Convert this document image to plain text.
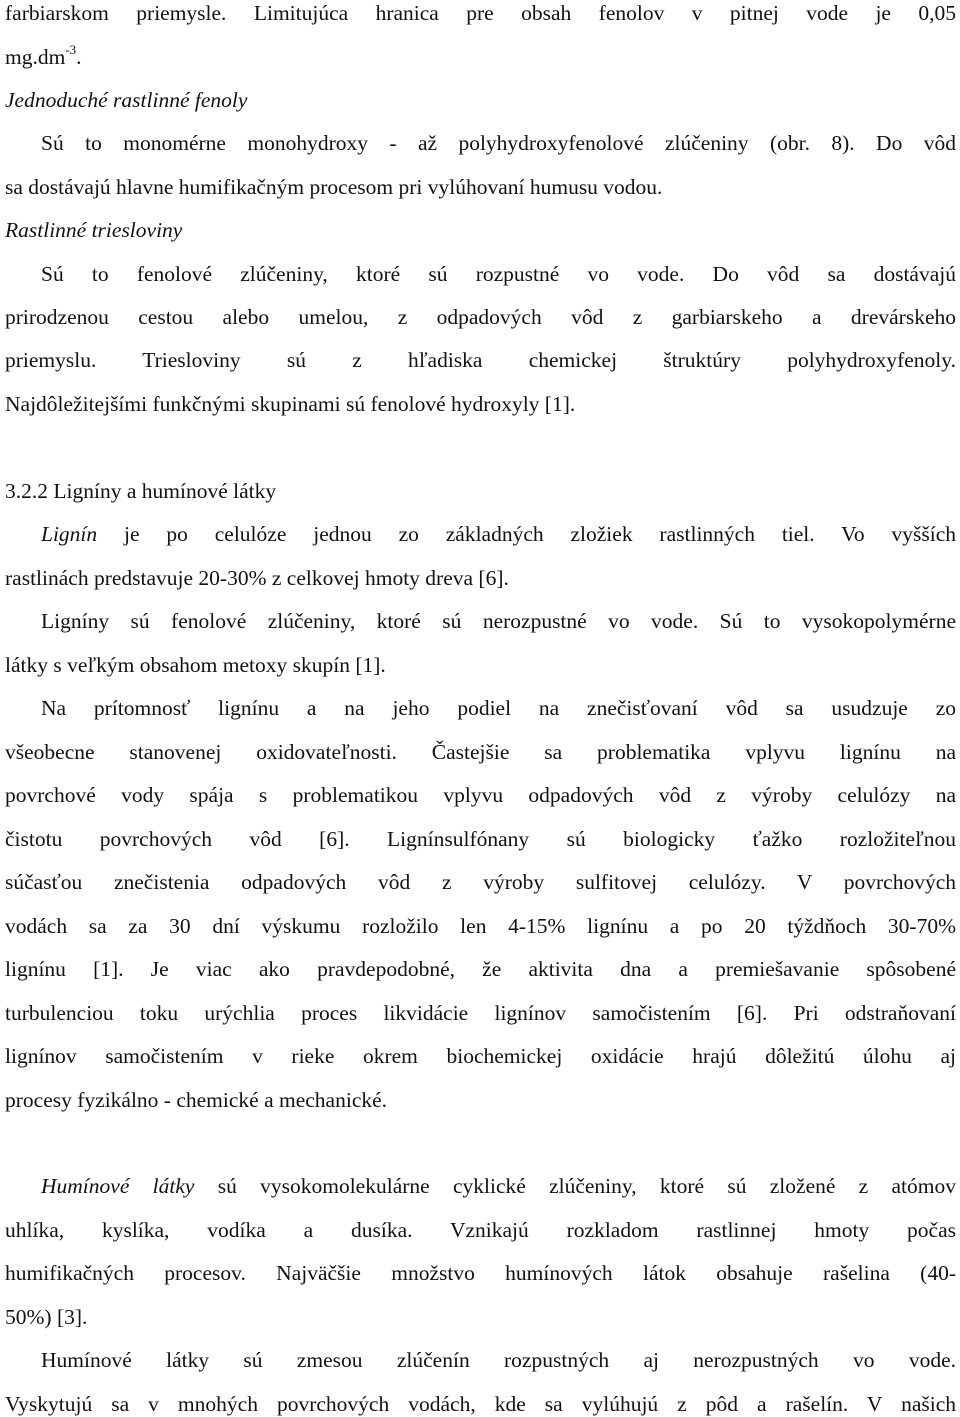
farbiarskom priemysle. Limitujúca hranica pre obsah fenolov v pitnej vode je 0,05
$mg.dm^{-3}$.
Jednoduché rastlinné fenoly
Sú to monomérne monohydroxy - až polyhydroxyfenolové zlúčeniny (obr. 8). Do vôd
sa dostávajú hlavne humifikačným procesom pri vylúhovaní humusu vodou.
Rastlinné triesloviny
Sú to fenolové zlúčeniny, ktoré sú rozpustné vo vode. Do vôd sa dostávajú
prirodzenou cestou alebo umelou, z odpadových vôd z garbiarskeho a drevárskeho
priemyslu. Triesloviny sú z hľadiska chemickej štruktúry polyhydroxyfenoly.
Najdôležitejšími funkčnými skupinami sú fenolové hydroxyly [1].
3.2.2 Ligníny a humínové látky
Lignín je po celulóze jednou zo základných zložiek rastlinných tiel. Vo vyšších
rastlinách predstavuje 20-30% z celkovej hmoty dreva [6].
Ligníny sú fenolové zlúčeniny, ktoré sú nerozpustné vo vode. Sú to vysokopolymérne
látky s veľkým obsahom metoxy skupín [1].
Na prítomnosť lignínu a na jeho podiel na znečisťovaní vôd sa usudzuje zo
všeobecne stanovenej oxidovateľnosti. Častejšie sa problematika vplyvu lignínu na
povrchové vody spája s problematikou vplyvu odpadových vôd z výroby celulózy na
čistotu povrchových vôd [6]. Lignínsulfónany sú biologicky ťažko rozložiteľnou
súčasťou znečistenia odpadových vôd z výroby sulfitovej celulózy. V povrchových
vodách sa za 30 dní výskumu rozložilo len 4-15% lignínu a po 20 týždňoch 30-70%
lignínu [1]. Je viac ako pravdepodobné, že aktivita dna a premiešavanie spôsobené
turbulenciou toku urýchlia proces likvidácie lignínov samočistením [6]. Pri odstraňovaní
lignínov samočistením v rieke okrem biochemickej oxidácie hrajú dôležitú úlohu aj
procesy fyzikálno - chemické a mechanické.
Humínové látky sú vysokomolekulárne cyklické zlúčeniny, ktoré sú zložené z atómov
uhlíka, kyslíka, vodíka a dusíka. Vznikajú rozkladom rastlinnej hmoty počas
humifikačných procesov. Najväčšie množstvo humínových látok obsahuje rašelina (40-
50%) [3].
Humínové látky sú zmesou zlúčenín rozpustných aj nerozpustných vo vode.
Vyskytujú sa v mnohých povrchových vodách, kde sa vylúhujú z pôd a rašelín. V našich
